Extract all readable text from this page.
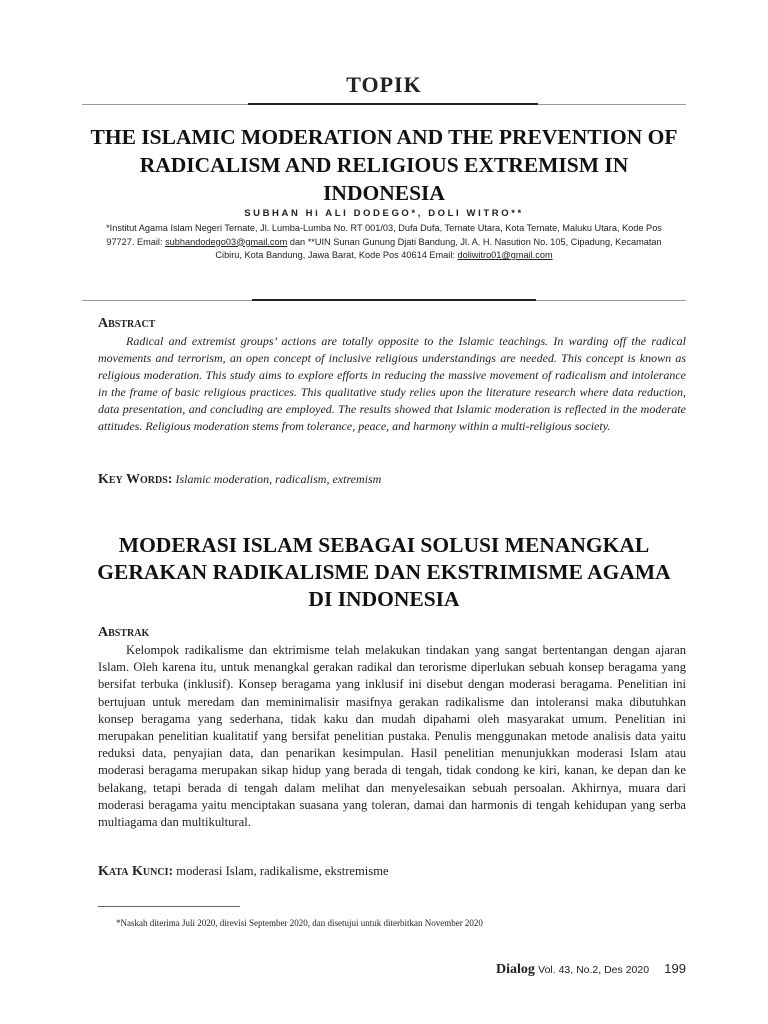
TOPIK
THE ISLAMIC MODERATION AND THE PREVENTION OF RADICALISM AND RELIGIOUS EXTREMISM IN INDONESIA
SUBHAN Hi ALI DODEGO*, DOLI WITRO**
*Institut Agama Islam Negeri Ternate, Jl. Lumba-Lumba No. RT 001/03, Dufa Dufa, Ternate Utara, Kota Ternate, Maluku Utara, Kode Pos 97727. Email: subhandodego03@gmail.com dan **UIN Sunan Gunung Djati Bandung, Jl. A. H. Nasution No. 105, Cipadung, Kecamatan Cibiru, Kota Bandung, Jawa Barat, Kode Pos 40614 Email: doliwitro01@gmail.com
Abstract
Radical and extremist groups’ actions are totally opposite to the Islamic teachings. In warding off the radical movements and terrorism, an open concept of inclusive religious understandings are needed. This concept is known as religious moderation. This study aims to explore efforts in reducing the massive movement of radicalism and intolerance in the frame of basic religious practices. This qualitative study relies upon the literature research where data reduction, data presentation, and concluding are employed. The results showed that Islamic moderation is reflected in the moderate attitudes. Religious moderation stems from tolerance, peace, and harmony within a multi-religious society.
Key Words: Islamic moderation, radicalism, extremism
MODERASI ISLAM SEBAGAI SOLUSI MENANGKAL GERAKAN RADIKALISME DAN EKSTRIMISME AGAMA DI INDONESIA
Abstrak
Kelompok radikalisme dan ektrimisme telah melakukan tindakan yang sangat bertentangan dengan ajaran Islam. Oleh karena itu, untuk menangkal gerakan radikal dan terorisme diperlukan sebuah konsep beragama yang bersifat terbuka (inklusif). Konsep beragama yang inklusif ini disebut dengan moderasi beragama. Penelitian ini bertujuan untuk meredam dan meminimalisir masifnya gerakan radikalisme dan intoleransi maka dibutuhkan konsep beragama yang sederhana, tidak kaku dan mudah dipahami oleh masyarakat umum. Penelitian ini merupakan penelitian kualitatif yang bersifat penelitian pustaka. Penulis menggunakan metode analisis data yaitu reduksi data, penyajian data, dan penarikan kesimpulan. Hasil penelitian menunjukkan moderasi Islam atau moderasi beragama merupakan sikap hidup yang berada di tengah, tidak condong ke kiri, kanan, ke depan dan ke belakang, tetapi berada di tengah dalam melihat dan menyelesaikan sebuah persoalan. Akhirnya, muara dari moderasi beragama yaitu menciptakan suasana yang toleran, damai dan harmonis di tengah kehidupan yang serba multiagama dan multikultural.
Kata Kunci: moderasi Islam, radikalisme, ekstremisme
*Naskah diterima Juli 2020, direvisi September 2020, dan disetujui untuk diterbitkan November 2020
Dialog Vol. 43, No.2, Des 2020 199
